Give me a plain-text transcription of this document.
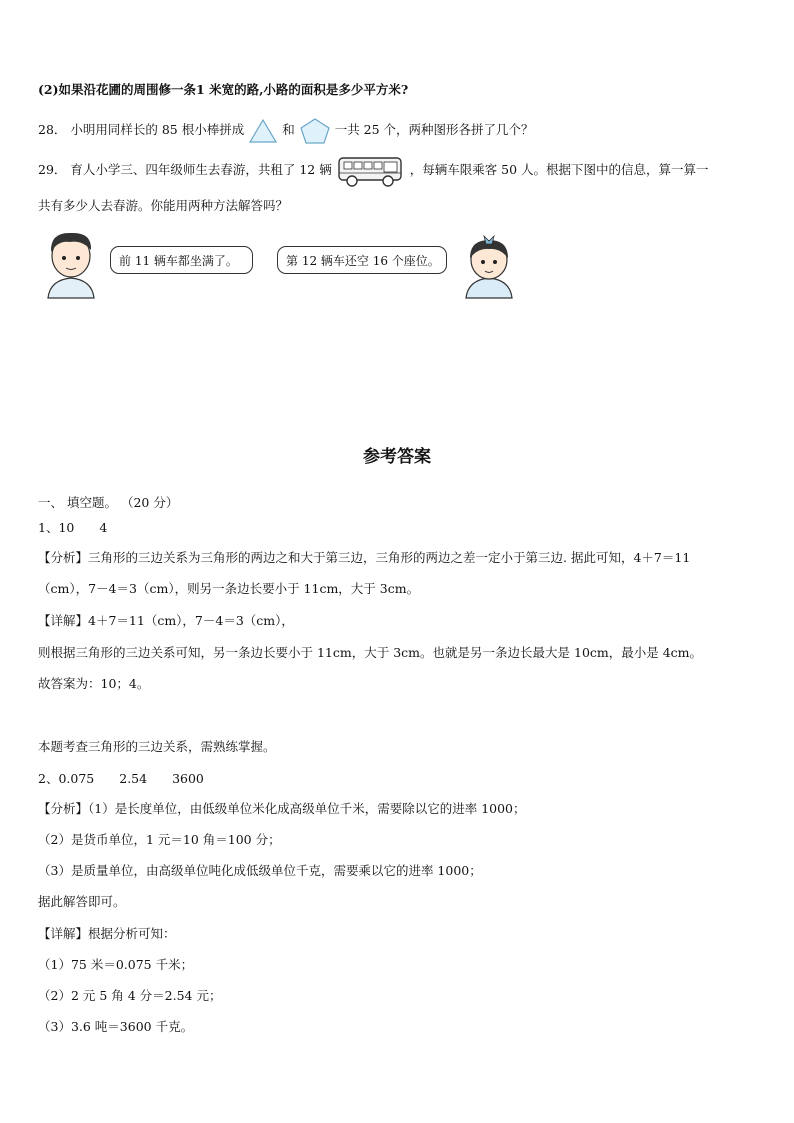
(2)如果沿花圃的周围修一条1 米宽的路,小路的面积是多少平方米?
28． 小明用同样长的 85 根小棒拼成	和	一共 25 个，两种图形各拼了几个？
29． 育人小学三、四年级师生去春游，共租了 12 辆	，每辆车限乘客 50 人。根据下图中的信息，算一算一
共有多少人去春游。你能用两种方法解答吗？
前 11 辆车都坐满了。	第 12 辆车还空 16 个座位。
参考答案
一、 填空题。 （20 分）
1、10　　4
【分析】三角形的三边关系为三角形的两边之和大于第三边，三角形的两边之差一定小于第三边. 据此可知，4＋7＝11
（cm），7－4＝3（cm），则另一条边长要小于 11cm，大于 3cm。
【详解】4＋7＝11（cm），7－4＝3（cm），
则根据三角形的三边关系可知，另一条边长要小于 11cm，大于 3cm。也就是另一条边长最大是 10cm，最小是 4cm。
故答案为：10；4。
本题考查三角形的三边关系，需熟练掌握。
2、0.075　　2.54　　3600
【分析】（1）是长度单位，由低级单位米化成高级单位千米，需要除以它的进率 1000；
（2）是货币单位，1 元＝10 角＝100 分；
（3）是质量单位，由高级单位吨化成低级单位千克，需要乘以它的进率 1000；
据此解答即可。
【详解】根据分析可知：
（1）75 米＝0.075 千米；
（2）2 元 5 角 4 分＝2.54 元；
（3）3.6 吨＝3600 千克。
